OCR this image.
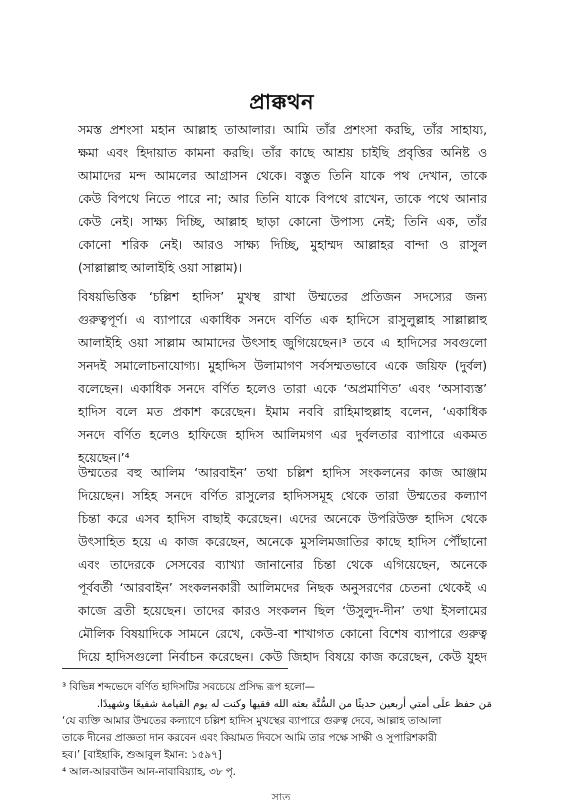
প্রাক্কথন
সমস্ত প্রশংসা মহান আল্লাহ তাআলার। আমি তাঁর প্রশংসা করছি, তাঁর সাহায্য,
ক্ষমা এবং হিদায়াত কামনা করছি। তাঁর কাছে আশ্রয় চাইছি প্রবৃত্তির অনিষ্ট ও
আমাদের মন্দ আমলের আগ্রাসন থেকে। বস্তুত তিনি যাকে পথ দেখান, তাকে
কেউ বিপথে নিতে পারে না; আর তিনি যাকে বিপথে রাখেন, তাকে পথে আনার
কেউ নেই। সাক্ষ্য দিচ্ছি, আল্লাহ ছাড়া কোনো উপাস্য নেই; তিনি এক, তাঁর
কোনো শরিক নেই। আরও সাক্ষ্য দিচ্ছি, মুহাম্মদ আল্লাহর বান্দা ও রাসুল
(সাল্লাল্লাহু আলাইহি ওয়া সাল্লাম)।
বিষয়ভিত্তিক ‘চল্লিশ হাদিস’ মুখস্থ রাখা উম্মতের প্রতিজন সদস্যের জন্য
গুরুত্বপূর্ণ। এ ব্যাপারে একাধিক সনদে বর্ণিত এক হাদিসে রাসুলুল্লাহ সাল্লাল্লাহু
আলাইহি ওয়া সাল্লাম আমাদের উৎসাহ জুগিয়েছেন।³ তবে এ হাদিসের সবগুলো
সনদই সমালোচনাযোগ্য। মুহাদ্দিস উলামাগণ সর্বসম্মতভাবে একে জয়িফ (দুর্বল)
বলেছেন। একাধিক সনদে বর্ণিত হলেও তারা একে ‘অপ্রমাণিত’ এবং ‘অসাব্যস্ত’
হাদিস বলে মত প্রকাশ করেছেন। ইমাম নববি রাহিমাহুল্লাহ বলেন, ‘একাধিক
সনদে বর্ণিত হলেও হাফিজে হাদিস আলিমগণ এর দুর্বলতার ব্যাপারে একমত
হয়েছেন।’⁴
উম্মতের বহু আলিম ‘আরবাইন’ তথা চল্লিশ হাদিস সংকলনের কাজ আঞ্জাম
দিয়েছেন। সহিহ সনদে বর্ণিত রাসুলের হাদিসসমূহ থেকে তারা উম্মতের কল্যাণ
চিন্তা করে এসব হাদিস বাছাই করেছেন। এদের অনেকে উপরিউক্ত হাদিস থেকে
উৎসাহিত হয়ে এ কাজ করেছেন, অনেকে মুসলিমজাতির কাছে হাদিস পৌঁছানো
এবং তাদেরকে সেসবের ব্যাখ্যা জানানোর চিন্তা থেকে এগিয়েছেন, অনেকে
পূর্ববর্তী ‘আরবাইন’ সংকলনকারী আলিমদের নিছক অনুসরণের চেতনা থেকেই এ
কাজে ব্রতী হয়েছেন। তাদের কারও সংকলন ছিল ‘উসুলুদ-দীন’ তথা ইসলামের
মৌলিক বিষয়াদিকে সামনে রেখে, কেউ-বা শাখাগত কোনো বিশেষ ব্যাপারে গুরুত্ব
দিয়ে হাদিসগুলো নির্বাচন করেছেন। কেউ জিহাদ বিষয়ে কাজ করেছেন, কেউ যুহদ
³ বিভিন্ন শব্দভেদে বর্ণিত হাদিসটির সবচেয়ে প্রসিদ্ধ রূপ হলো—
مَن حفظ علَى أمتي أربعين حديثًا من السُّنَّة بعثه الله فقيها وكنت له يوم القيامة شفيعًا وشهيدًا.
‘যে ব্যক্তি আমার উম্মতের কল্যাণে চল্লিশ হাদিস মুখস্থের ব্যাপারে গুরুত্ব দেবে, আল্লাহ তাআলা
তাকে দীনের প্রাজ্ঞতা দান করবেন এবং কিয়ামত দিবসে আমি তার পক্ষে সাক্ষী ও সুপারিশকারী
হব।’ [বাইহাকি, শুআবুল ইমান: ১৫৯৭]
⁴ আল-আরবাউন আন-নাবাবিয়্যাহ, ৩৮ পৃ.
সাত
